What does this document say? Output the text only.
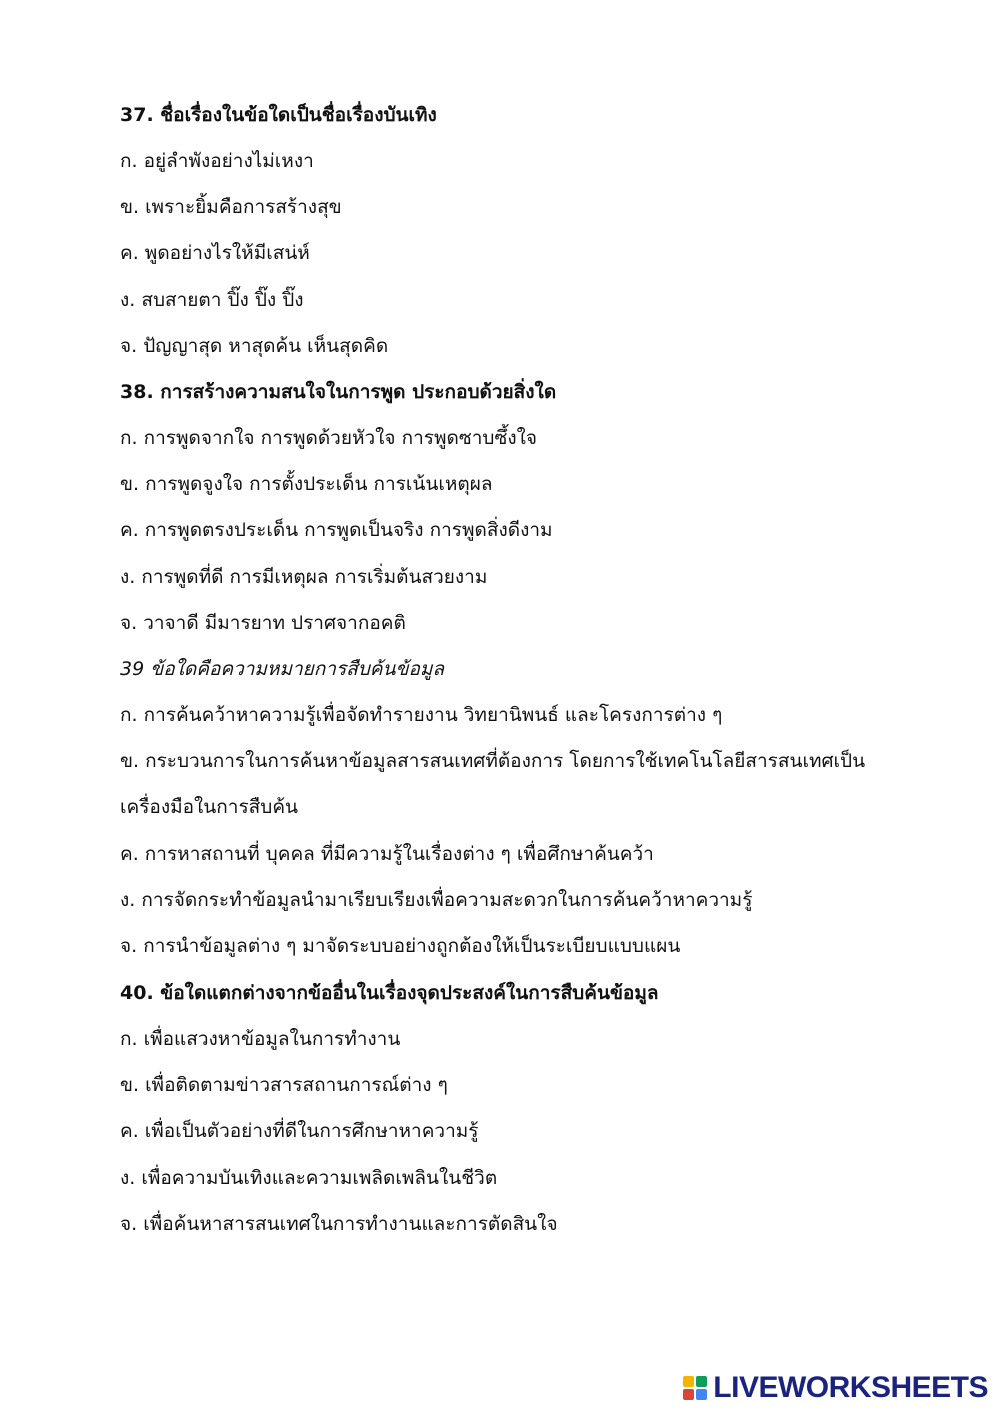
37. ชื่อเรื่องในข้อใดเป็นชื่อเรื่องบันเทิง
ก. อยู่ลำพังอย่างไม่เหงา
ข. เพราะยิ้มคือการสร้างสุข
ค. พูดอย่างไรให้มีเสน่ห์
ง. สบสายตา ปิ๊ง ปิ๊ง ปิ๊ง
จ. ปัญญาสุด หาสุดค้น เห็นสุดคิด
38. การสร้างความสนใจในการพูด ประกอบด้วยสิ่งใด
ก. การพูดจากใจ การพูดด้วยหัวใจ การพูดซาบซึ้งใจ
ข. การพูดจูงใจ การตั้งประเด็น การเน้นเหตุผล
ค. การพูดตรงประเด็น การพูดเป็นจริง การพูดสิ่งดีงาม
ง. การพูดที่ดี การมีเหตุผล การเริ่มต้นสวยงาม
จ. วาจาดี มีมารยาท ปราศจากอคติ
39 ข้อใดคือความหมายการสืบค้นข้อมูล
ก. การค้นคว้าหาความรู้เพื่อจัดทำรายงาน วิทยานิพนธ์ และโครงการต่าง ๆ
ข. กระบวนการในการค้นหาข้อมูลสารสนเทศที่ต้องการ โดยการใช้เทคโนโลยีสารสนเทศเป็นเครื่องมือในการสืบค้น
ค. การหาสถานที่ บุคคล ที่มีความรู้ในเรื่องต่าง ๆ เพื่อศึกษาค้นคว้า
ง. การจัดกระทำข้อมูลนำมาเรียบเรียงเพื่อความสะดวกในการค้นคว้าหาความรู้
จ. การนำข้อมูลต่าง ๆ มาจัดระบบอย่างถูกต้องให้เป็นระเบียบแบบแผน
40. ข้อใดแตกต่างจากข้ออื่นในเรื่องจุดประสงค์ในการสืบค้นข้อมูล
ก. เพื่อแสวงหาข้อมูลในการทำงาน
ข. เพื่อติดตามข่าวสารสถานการณ์ต่าง ๆ
ค. เพื่อเป็นตัวอย่างที่ดีในการศึกษาหาความรู้
ง. เพื่อความบันเทิงและความเพลิดเพลินในชีวิต
จ. เพื่อค้นหาสารสนเทศในการทำงานและการตัดสินใจ
LIVEWORKSHEETS
